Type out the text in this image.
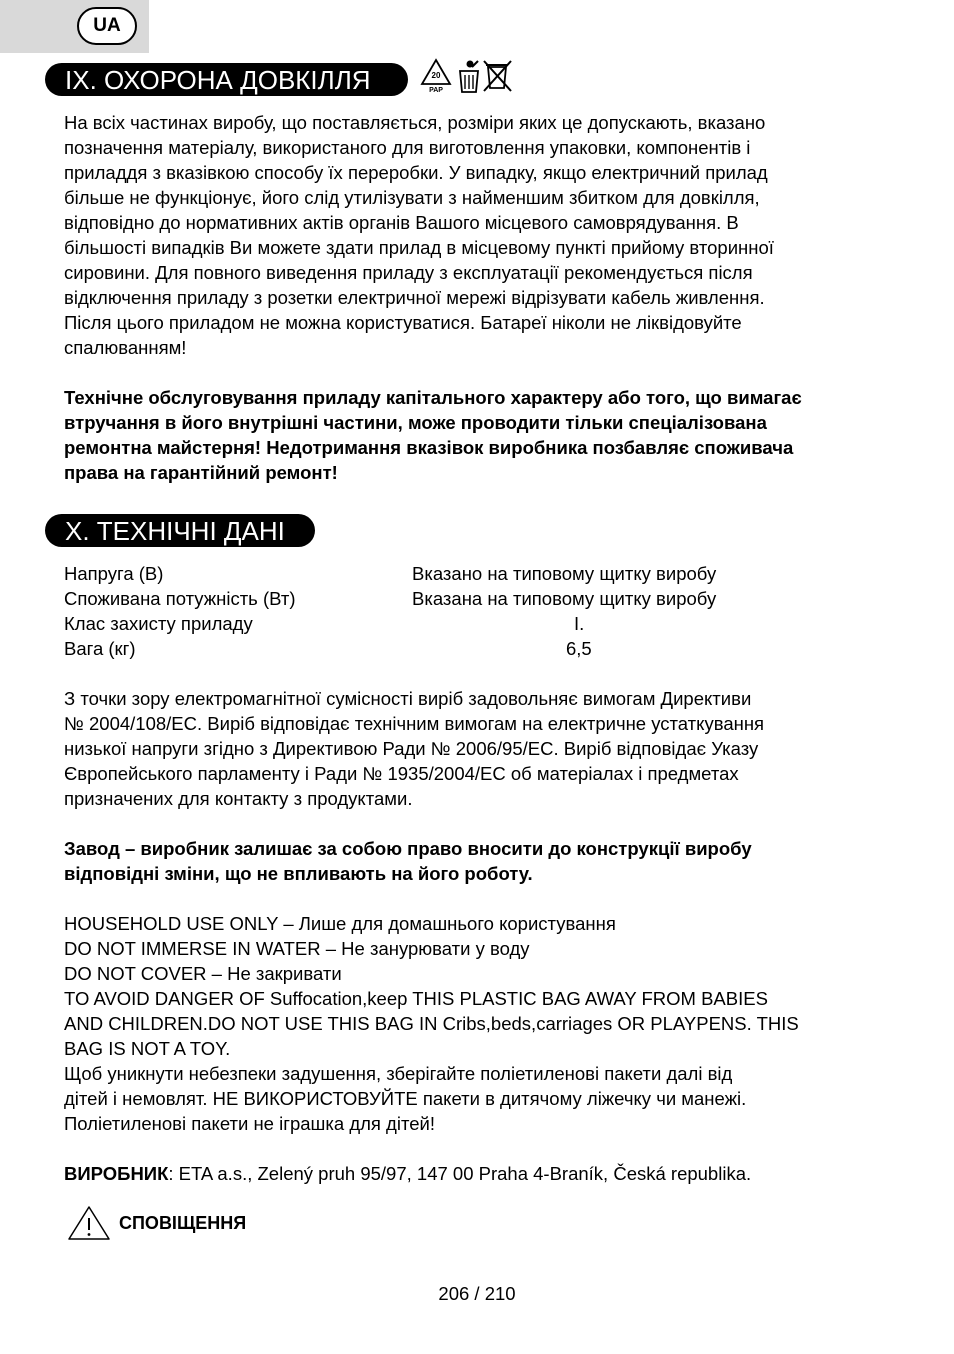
UA
IX. ОХОРОНА ДОВКІЛЛЯ	20
PAP

На всіх частинах виробу, що поставляється, розміри яких це допускають, вказано
позначення матеріалу, використаного для виготовлення упаковки, компонентів і
приладдя з вказівкою способу їх переробки. У випадку, якщо електричний прилад
більше не функціонує, його слід утилізувати з найменшим збитком для довкілля,
відповідно до нормативних актів органів Вашого місцевого самоврядування. В
більшості випадків Ви можете здати прилад в місцевому пункті прийому вторинної
сировини. Для повного виведення приладу з експлуатації рекомендується після
відключення приладу з розетки електричної мережі відрізувати кабель живлення.
Після цього приладом не можна користуватися. Батареї ніколи не ліквідовуйте
спалюванням!

Технічне обслуговування приладу капітального характеру або того, що вимагає
втручання в його внутрішні частини, може проводити тільки спеціалізована
ремонтна майстерня! Недотримання вказівок виробника позбавляє споживача
права на гарантійний ремонт!

X. ТЕХНІЧНІ ДАНІ
Напруга (В)	Вказано на типовому щитку виробу
Споживана потужність (Вт)	Вказана на типовому щитку виробу
Клас захисту приладу	I.
Вага (кг)	6,5

З точки зору електромагнітної сумісності виріб задовольняє вимогам Директиви
№ 2004/108/ЕС. Виріб відповідає технічним вимогам на електричне устаткування
низької напруги згідно з Директивою Ради № 2006/95/ЕС. Виріб відповідає Указу
Європейського парламенту і Ради № 1935/2004/ЕС об матеріалах і предметах
призначених для контакту з продуктами.

Завод – виробник залишає за собою право вносити до конструкції виробу
відповідні зміни, що не впливають на його роботу.

HOUSEHOLD USE ONLY – Лише для домашнього користування
DO NOT IMMERSE IN WATER – Не занурювати у воду
DO NOT COVER – Не закривати
TO AVOID DANGER OF Suffocation,keep THIS PLASTIC BAG AWAY FROM BABIES
AND CHILDREN.DO NOT USE THIS BAG IN Cribs,beds,carriages OR PLAYPENS. THIS
BAG IS NOT A TOY.
Щоб уникнути небезпеки задушення, зберігайте поліетиленові пакети далі від
дітей і немовлят. НЕ ВИКОРИСТОВУЙТЕ пакети в дитячому ліжечку чи манежі.
Поліетиленові пакети не іграшка для дітей!

ВИРОБНИК: ETA a.s., Zelený pruh 95/97, 147 00 Praha 4-Braník, Česká republika.

СПОВІЩЕННЯ
206 / 210
